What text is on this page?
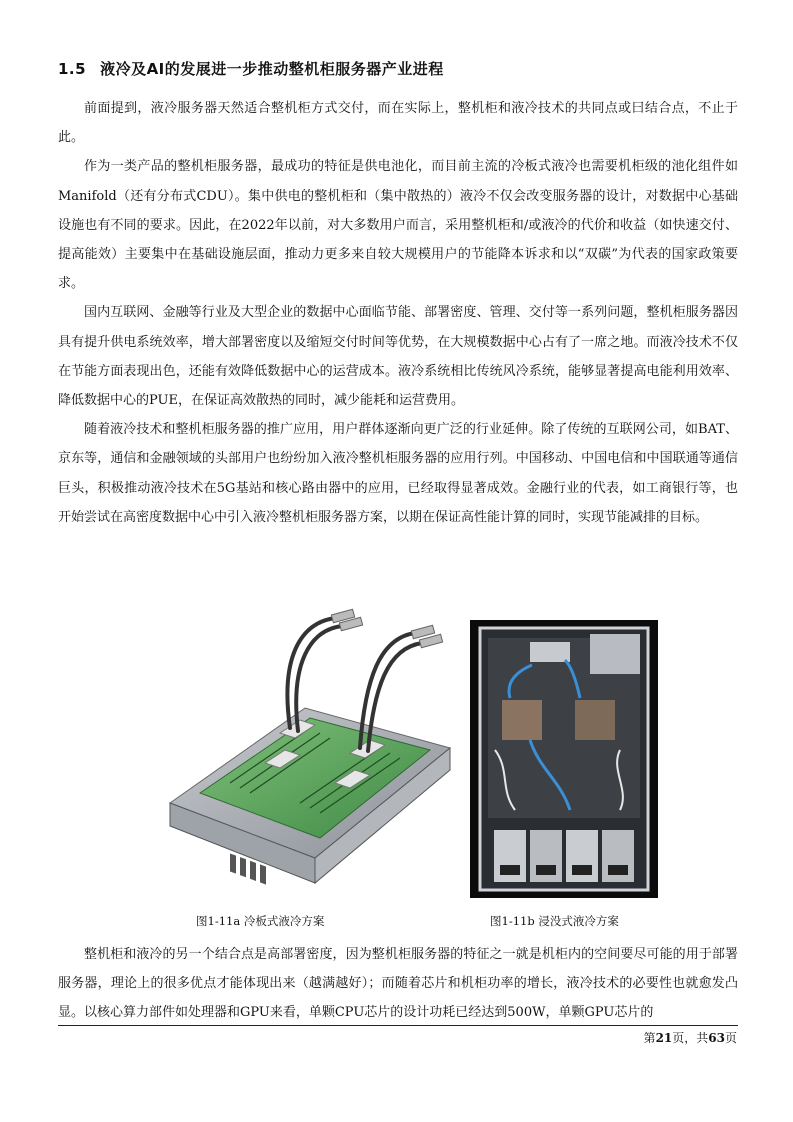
1.5 液冷及AI的发展进一步推动整机柜服务器产业进程

前面提到，液冷服务器天然适合整机柜方式交付，而在实际上，整机柜和液冷技术的共同点或曰结合点，不止于此。

作为一类产品的整机柜服务器，最成功的特征是供电池化，而目前主流的冷板式液冷也需要机柜级的池化组件如Manifold（还有分布式CDU）。集中供电的整机柜和（集中散热的）液冷不仅会改变服务器的设计，对数据中心基础设施也有不同的要求。因此，在2022年以前，对大多数用户而言，采用整机柜和/或液冷的代价和收益（如快速交付、提高能效）主要集中在基础设施层面，推动力更多来自较大规模用户的节能降本诉求和以“双碳”为代表的国家政策要求。

国内互联网、金融等行业及大型企业的数据中心面临节能、部署密度、管理、交付等一系列问题，整机柜服务器因具有提升供电系统效率，增大部署密度以及缩短交付时间等优势，在大规模数据中心占有了一席之地。而液冷技术不仅在节能方面表现出色，还能有效降低数据中心的运营成本。液冷系统相比传统风冷系统，能够显著提高电能利用效率、降低数据中心的PUE，在保证高效散热的同时，减少能耗和运营费用。

随着液冷技术和整机柜服务器的推广应用，用户群体逐渐向更广泛的行业延伸。除了传统的互联网公司，如BAT、京东等，通信和金融领域的头部用户也纷纷加入液冷整机柜服务器的应用行列。中国移动、中国电信和中国联通等通信巨头，积极推动液冷技术在5G基站和核心路由器中的应用，已经取得显著成效。金融行业的代表，如工商银行等，也开始尝试在高密度数据中心中引入液冷整机柜服务器方案，以期在保证高性能计算的同时，实现节能减排的目标。

图1-11a 冷板式液冷方案	图1-11b 浸没式液冷方案

整机柜和液冷的另一个结合点是高部署密度，因为整机柜服务器的特征之一就是机柜内的空间要尽可能的用于部署服务器，理论上的很多优点才能体现出来（越满越好）；而随着芯片和机柜功率的增长，液冷技术的必要性也就愈发凸显。以核心算力部件如处理器和GPU来看，单颗CPU芯片的设计功耗已经达到500W，单颗GPU芯片的

第21页，共63页
